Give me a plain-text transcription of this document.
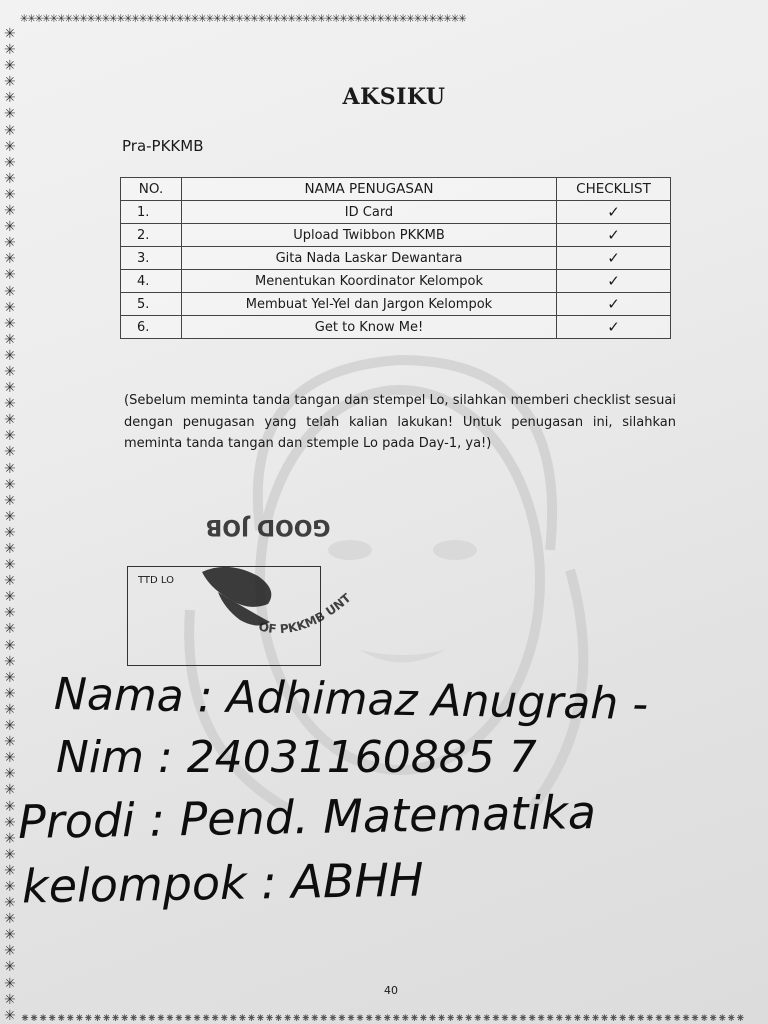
✳✳✳✳✳✳✳✳✳✳✳✳✳✳✳✳✳✳✳✳✳✳✳✳✳✳✳✳✳✳✳✳✳✳✳✳✳✳✳✳✳✳✳✳✳✳✳✳✳✳✳✳✳✳✳✳✳✳✳✳
✳
✳
✳
✳
✳
✳
✳
✳
✳
✳
✳
✳
✳
✳
✳
✳
✳
✳
✳
✳
✳
✳
✳
✳
✳
✳
✳
✳
✳
✳
✳
✳
✳
✳
✳
✳
✳
✳
✳
✳
✳
✳
✳
✳
✳
✳
✳
✳
✳
✳
✳
✳
✳
✳
✳
✳
✳
✳
✳
✳
✳
✳ ⁕⁕⁕⁕⁕⁕⁕⁕⁕⁕⁕⁕⁕⁕⁕⁕⁕⁕⁕⁕⁕⁕⁕⁕⁕⁕⁕⁕⁕⁕⁕⁕⁕⁕⁕⁕⁕⁕⁕⁕⁕⁕⁕⁕⁕⁕⁕⁕⁕⁕⁕⁕⁕⁕⁕⁕⁕⁕⁕⁕⁕⁕⁕⁕⁕⁕⁕⁕⁕⁕⁕⁕⁕⁕⁕⁕⁕⁕⁕⁕
AKSIKU
Pra-PKKMB
NO.	NAMA PENUGASAN	CHECKLIST
1.	ID Card	✓
2.	Upload Twibbon PKKMB	✓
3.	Gita Nada Laskar Dewantara	✓
4.	Menentukan Koordinator Kelompok	✓
5.	Membuat Yel-Yel dan Jargon Kelompok	✓
6.	Get to Know Me!	✓
(Sebelum meminta tanda tangan dan stempel Lo, silahkan memberi checklist sesuai dengan penugasan yang telah kalian lakukan! Untuk penugasan ini, silahkan meminta tanda tangan dan stemple Lo pada Day-1, ya!)
TTD LO
GOOD JOB
OF PKKMB UNT
Nama : Adhimaz Anugrah -
Nim : 24031160885 7
Prodi : Pend. Matematika
kelompok : ABHH
40
